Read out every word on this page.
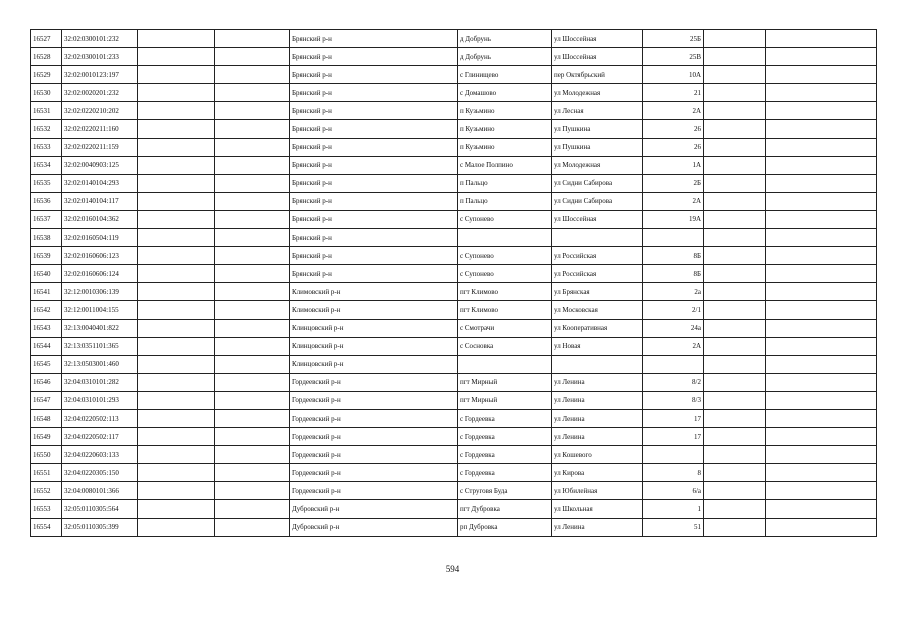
16527	32:02:0300101:232			Брянский р-н		д Добрунь	ул Шоссейная	25Б		
16528	32:02:0300101:233			Брянский р-н		д Добрунь	ул Шоссейная	25В		
16529	32:02:0010123:197			Брянский р-н		с Глинищево	пер Октябрьский	10А		
16530	32:02:0020201:232			Брянский р-н		с Домашово	ул Молодежная	21		
16531	32:02:0220210:202			Брянский р-н		п Кузьмино	ул Лесная	2А		
16532	32:02:0220211:160			Брянский р-н		п Кузьмино	ул Пушкина	26		
16533	32:02:0220211:159			Брянский р-н		п Кузьмино	ул Пушкина	26		
16534	32:02:0040903:125			Брянский р-н		с Малое Полпино	ул Молодежная	1А		
16535	32:02:0140104:293			Брянский р-н		п Пальцо	ул Сидни Сабирова	2Б		
16536	32:02:0140104:117			Брянский р-н		п Пальцо	ул Сидни Сабирова	2А		
16537	32:02:0160104:362			Брянский р-н		с Супонево	ул Шоссейная	19А		
16538	32:02:0160504:119			Брянский р-н						
16539	32:02:0160606:123			Брянский р-н		с Супонево	ул Российская	8Б		
16540	32:02:0160606:124			Брянский р-н		с Супонево	ул Российская	8Б		
16541	32:12:0010306:139			Климовский р-н		пгт Климово	ул Брянская	2а		
16542	32:12:0011004:155			Климовский р-н		пгт Климово	ул Московская	2/1		
16543	32:13:0040401:822			Клинцовский р-н		с Смотрачи	ул Кооперативная	24а		
16544	32:13:0351101:365			Клинцовский р-н		с Сосновка	ул Новая	2А		
16545	32:13:0503001:460			Клинцовский р-н						
16546	32:04:0310101:282			Гордеевский р-н		пгт Мирный	ул Ленина	8/2		
16547	32:04:0310101:293			Гордеевский р-н		пгт Мирный	ул Ленина	8/3		
16548	32:04:0220502:113			Гордеевский р-н		с Гордеевка	ул Ленина	17		
16549	32:04:0220502:117			Гордеевский р-н		с Гордеевка	ул Ленина	17		
16550	32:04:0220603:133			Гордеевский р-н		с Гордеевка	ул Кошевого			
16551	32:04:0220305:150			Гордеевский р-н		с Гордеевка	ул Кирова	8		
16552	32:04:0080101:366			Гордеевский р-н		с Струговя Буда	ул Юбилейная	6/а		
16553	32:05:0110305:564			Дубровский р-н		пгт Дубровка	ул Школьная	1		
16554	32:05:0110305:399			Дубровский р-н		рп Дубровка	ул Ленина	51		
594
